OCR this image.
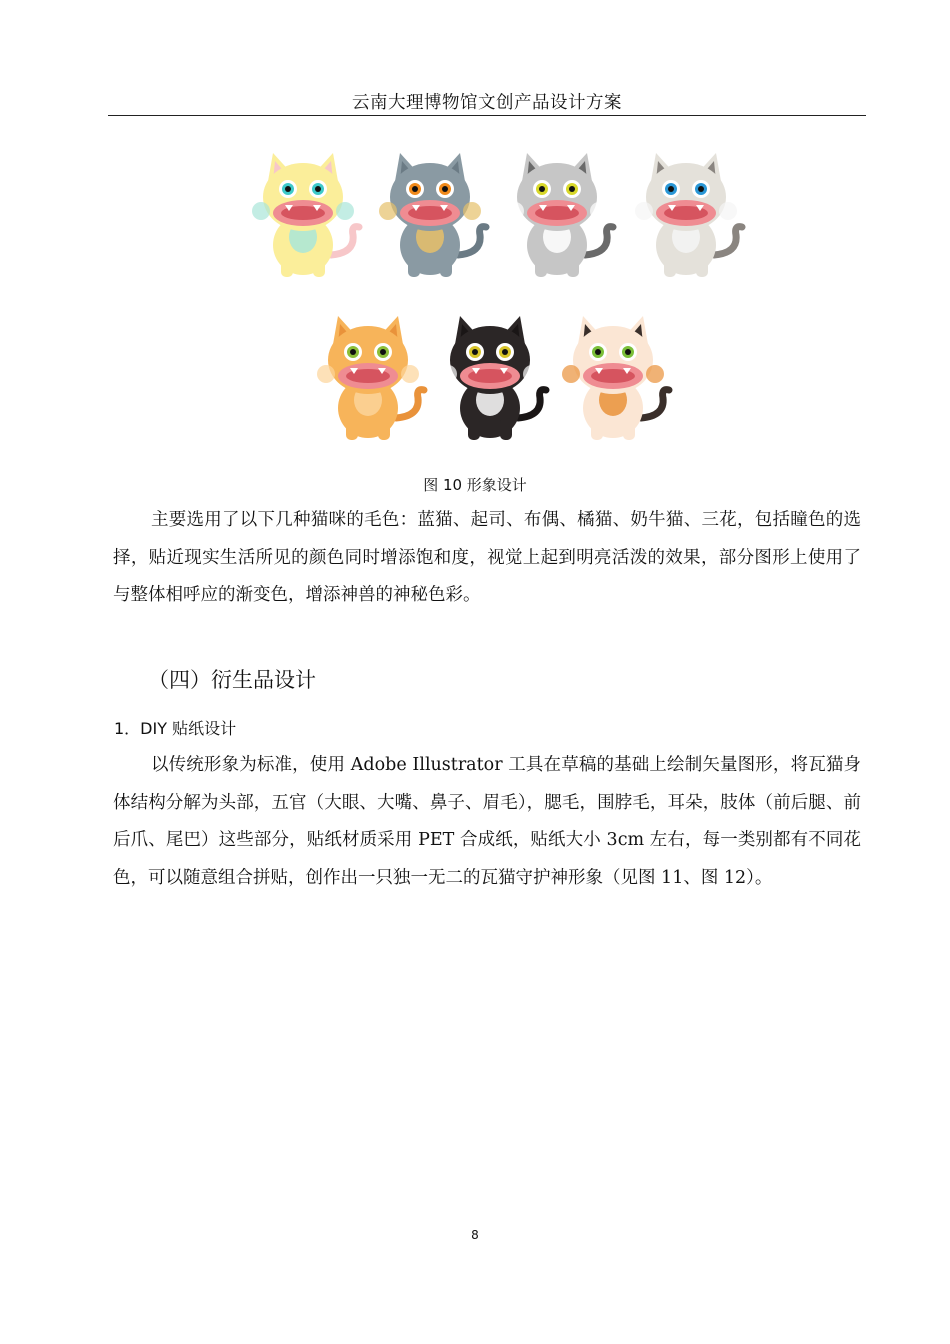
云南大理博物馆文创产品设计方案
图 10 形象设计
主要选用了以下几种猫咪的毛色：蓝猫、起司、布偶、橘猫、奶牛猫、三花，包括瞳色的选择，贴近现实生活所见的颜色同时增添饱和度，视觉上起到明亮活泼的效果，部分图形上使用了与整体相呼应的渐变色，增添神兽的神秘色彩。
（四）衍生品设计
1．DIY 贴纸设计
以传统形象为标准，使用 Adobe Illustrator 工具在草稿的基础上绘制矢量图形，将瓦猫身体结构分解为头部，五官（大眼、大嘴、鼻子、眉毛），腮毛，围脖毛，耳朵，肢体（前后腿、前后爪、尾巴）这些部分，贴纸材质采用 PET 合成纸，贴纸大小 3cm 左右，每一类别都有不同花色，可以随意组合拼贴，创作出一只独一无二的瓦猫守护神形象（见图 11、图 12）。
8
